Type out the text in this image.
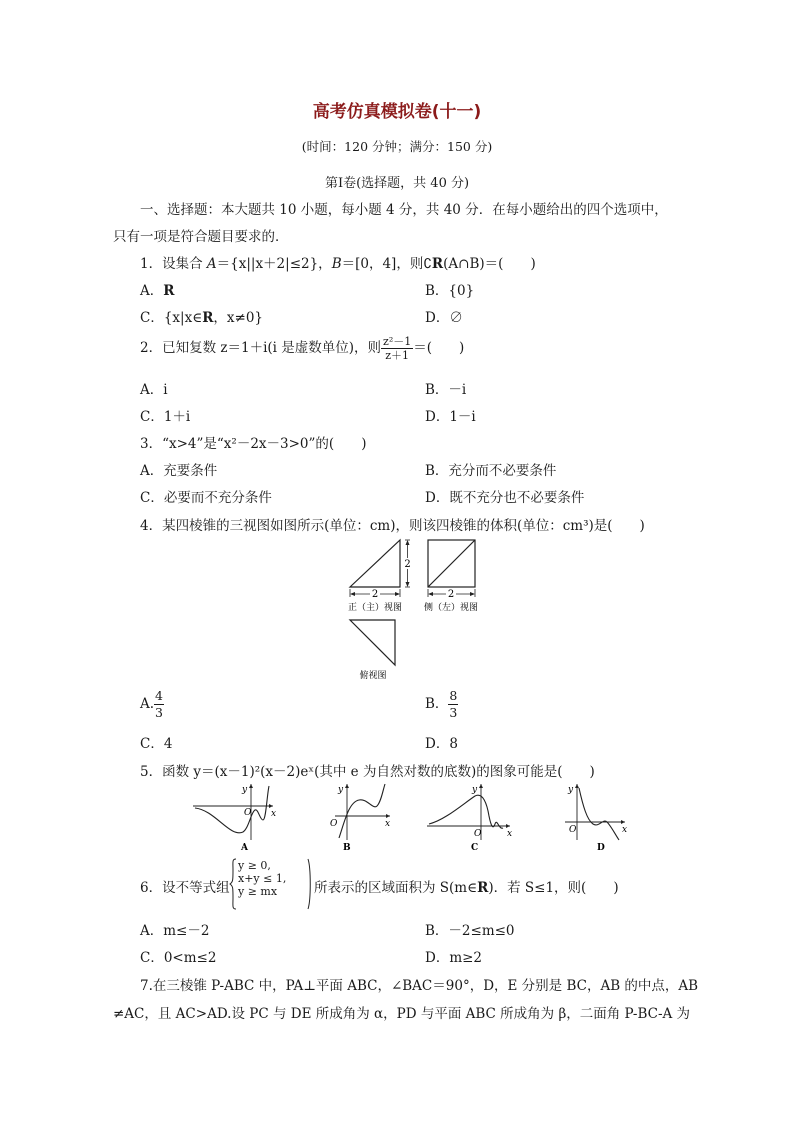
高考仿真模拟卷(十一)
(时间：120 分钟；满分：150 分)
第Ⅰ卷(选择题，共 40 分)
一、选择题：本大题共 10 小题，每小题 4 分，共 40 分．在每小题给出的四个选项中，
只有一项是符合题目要求的．
1．设集合 A＝{x||x＋2|≤2}，B＝[0，4]，则∁R(A∩B)＝(　　)
A．R	B．{0}
C．{x|x∈R，x≠0}	D．∅
2．已知复数 z＝1＋i(i 是虚数单位)，则 $\frac{\text{z²－1}}{z+1}$ ＝(　　)
A．i	B．－i
C．1＋i	D．1－i
3．“x>4”是“x²－2x－3>0”的(　　)
A．充要条件	B．充分而不必要条件
C．必要而不充分条件	D．既不充分也不必要条件
4．某四棱锥的三视图如图所示(单位：cm)，则该四棱锥的体积(单位：cm³)是(　　)
2
2
正（主）视图
2
侧（左）视图
俯视图
A. $\frac{4}{3}$	B． $\frac{8}{3}$
C．4	D．8
5．函数 y＝(x－1)²(x－2)eˣ(其中 e 为自然对数的底数)的图象可能是(　　)
y
x
O
A
y
x
O
B
y
x
O
C
y
x
O
D
6．设不等式组
y ≥ 0,
x+y ≤ 1,
y ≥ mx	所表示的区域面积为 S(m∈R)．若 S≤1，则(　　)
A．m≤－2	B．－2≤m≤0
C．0<m≤2	D．m≥2
7.在三棱锥 P-ABC 中，PA⊥平面 ABC，∠BAC＝90°，D，E 分别是 BC，AB 的中点，AB
≠AC，且 AC>AD.设 PC 与 DE 所成角为 α，PD 与平面 ABC 所成角为 β，二面角 P-BC-A 为
